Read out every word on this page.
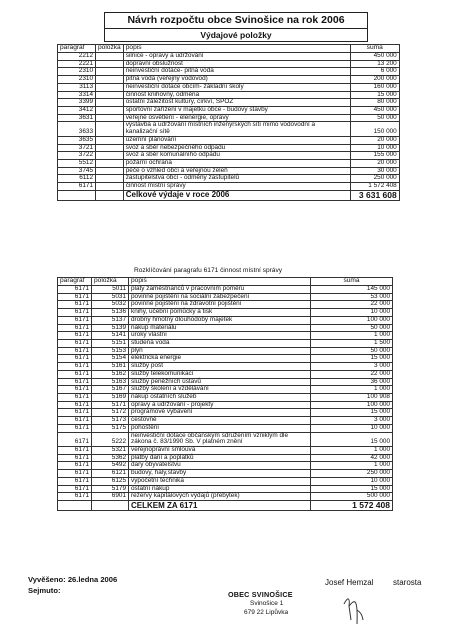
Návrh rozpočtu obce Svinošice na rok 2006
Výdajové položky
paragraf	položka	popis	suma
2212		silnice - opravy a udržování	450 000
2221		dopravní obslužnost	13 200
2310		neinvestiční dotace- pitná voda	6 000
2310		pitná voda (veřejný vodovod)	200 000
3113		neinvestiční dotace obcím- základní školy	160 000
3314		činnost knihovny, odměna	15 000
3399		ostatní záležitost kultury, církví, SPOZ	80 000
3412		sportovní zařízení v majetku obce - budovy stavby	450 000
3631		veřejné osvětlení - elenergie, opravy	50 000
3633		výstavba a udržování místních inženýrských sítí mimo vodovodní a kanalizační sítě	150 000
3635		územní plánování	20 000
3721		svoz a sběr nebezpečného odpadu	10 000
3722		svoz a sběr komunálního odpadu	155 000
5512		požární ochrana	20 000
3745		péče o vzhled obcí a veřejnou zeleň	30 000
6112		zastupitelstva obcí - odměny zastupitelů	250 000
6171		činnost místní správy	1 572 408
		Celkové výdaje v roce 2006	3 631 608
Rozklíčování paragrafu 6171 činnost místní správy
paragraf	položka	popis	suma
6171	5011	platy zaměstnanců v pracovním poměru	145 000
6171	5031	povinné pojištění na sociální zabezpečení	53 000
6171	5032	povinné pojištění na zdravotní pojištění	22 000
6171	5136	knihy, učební pomůcky a tisk	10 000
6171	5137	drobný hmotný dlouhodobý majetek	100 000
6171	5139	nákup materiálu	50 000
6171	5141	úroky vlastní	1 000
6171	5151	studená voda	1 500
6171	5153	plyn	50 000
6171	5154	elektrická energie	15 000
6171	5161	služby pošt	3 000
6171	5162	služby telekomunikací	22 000
6171	5163	služby peněžních ústavů	36 000
6171	5167	služby školení a vzdělávání	1 000
6171	5169	nákup ostatních služeb	100 908
6171	5171	opravy a udržování - projekty	100 000
6171	5172	programové vybavení	15 000
6171	5173	cestovné	3 000
6171	5175	pohoštění	10 000
6171	5222	neinvestiční dotace občanským sdružením vzniklým dle zákona č. 83/1990 Sb. V platném znění	15 000
6171	5321	veřejnoprávní smlouva	1 000
6171	5362	platby daní a poplatků	42 000
6171	5492	dary obyvatelstvu	1 000
6171	6121	budovy, haly,stavby	250 000
6171	6125	výpočetní technika	10 000
6171	5179	ostatní nákup	15 000
6171	6901	rezervy kapitálových výdajů (přebytek)	500 000
		CELKEM ZA 6171	1 572 408
Vyvěšeno: 26.ledna 2006
Sejmuto:
Josef Hemzal starosta
OBEC SVINOŠICE
Svinošice 1
679 22 Lipůvka
